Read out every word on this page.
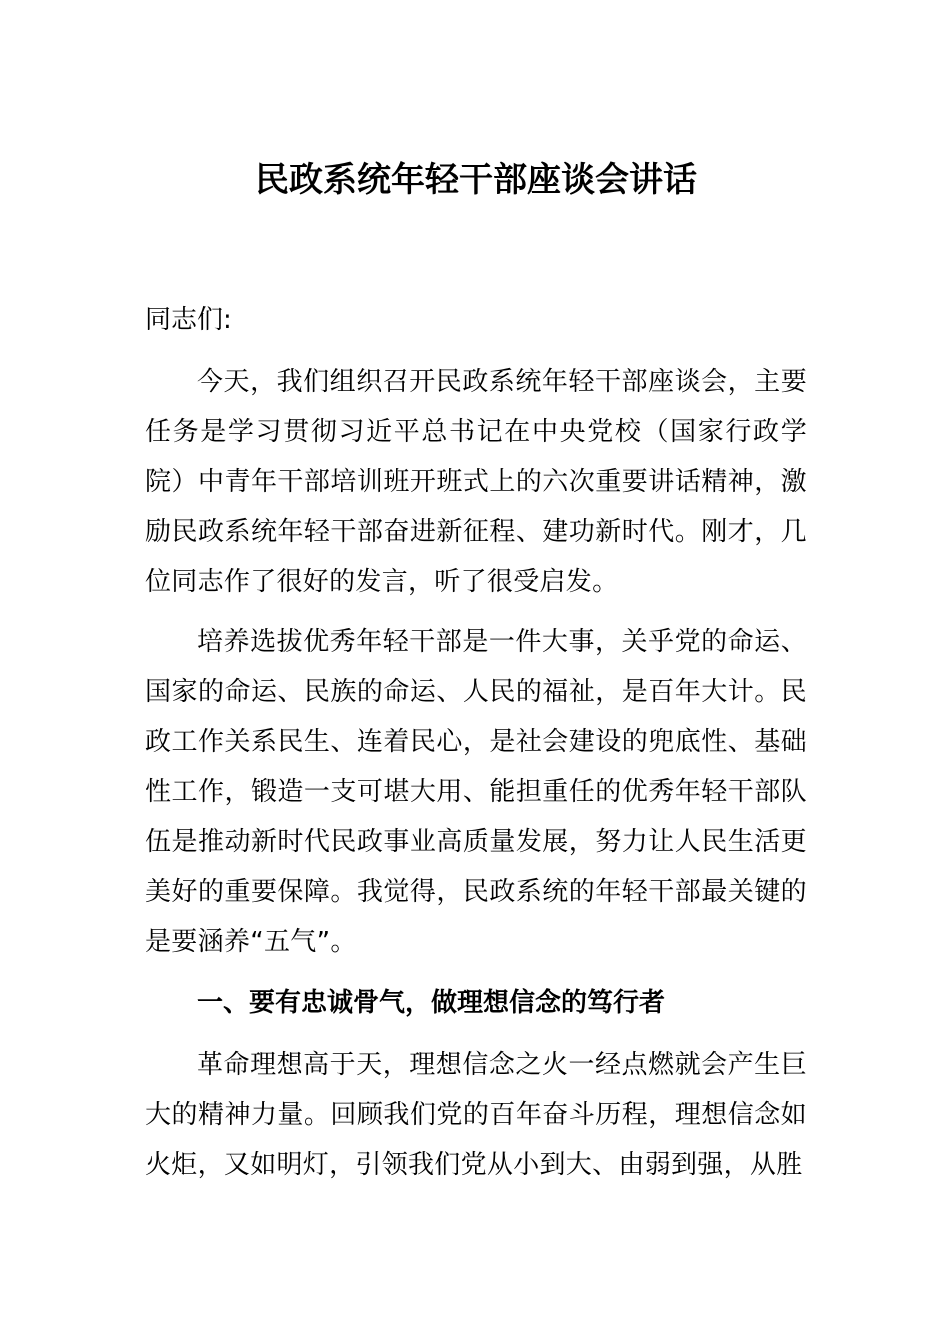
民政系统年轻干部座谈会讲话

同志们:

今天，我们组织召开民政系统年轻干部座谈会，主要任务是学习贯彻习近平总书记在中央党校（国家行政学院）中青年干部培训班开班式上的六次重要讲话精神，激励民政系统年轻干部奋进新征程、建功新时代。刚才，几位同志作了很好的发言，听了很受启发。

培养选拔优秀年轻干部是一件大事，关乎党的命运、国家的命运、民族的命运、人民的福祉，是百年大计。民政工作关系民生、连着民心，是社会建设的兜底性、基础性工作，锻造一支可堪大用、能担重任的优秀年轻干部队伍是推动新时代民政事业高质量发展，努力让人民生活更美好的重要保障。我觉得，民政系统的年轻干部最关键的是要涵养“五气”。

一、要有忠诚骨气，做理想信念的笃行者

革命理想高于天，理想信念之火一经点燃就会产生巨大的精神力量。回顾我们党的百年奋斗历程，理想信念如火炬，又如明灯，引领我们党从小到大、由弱到强，从胜
